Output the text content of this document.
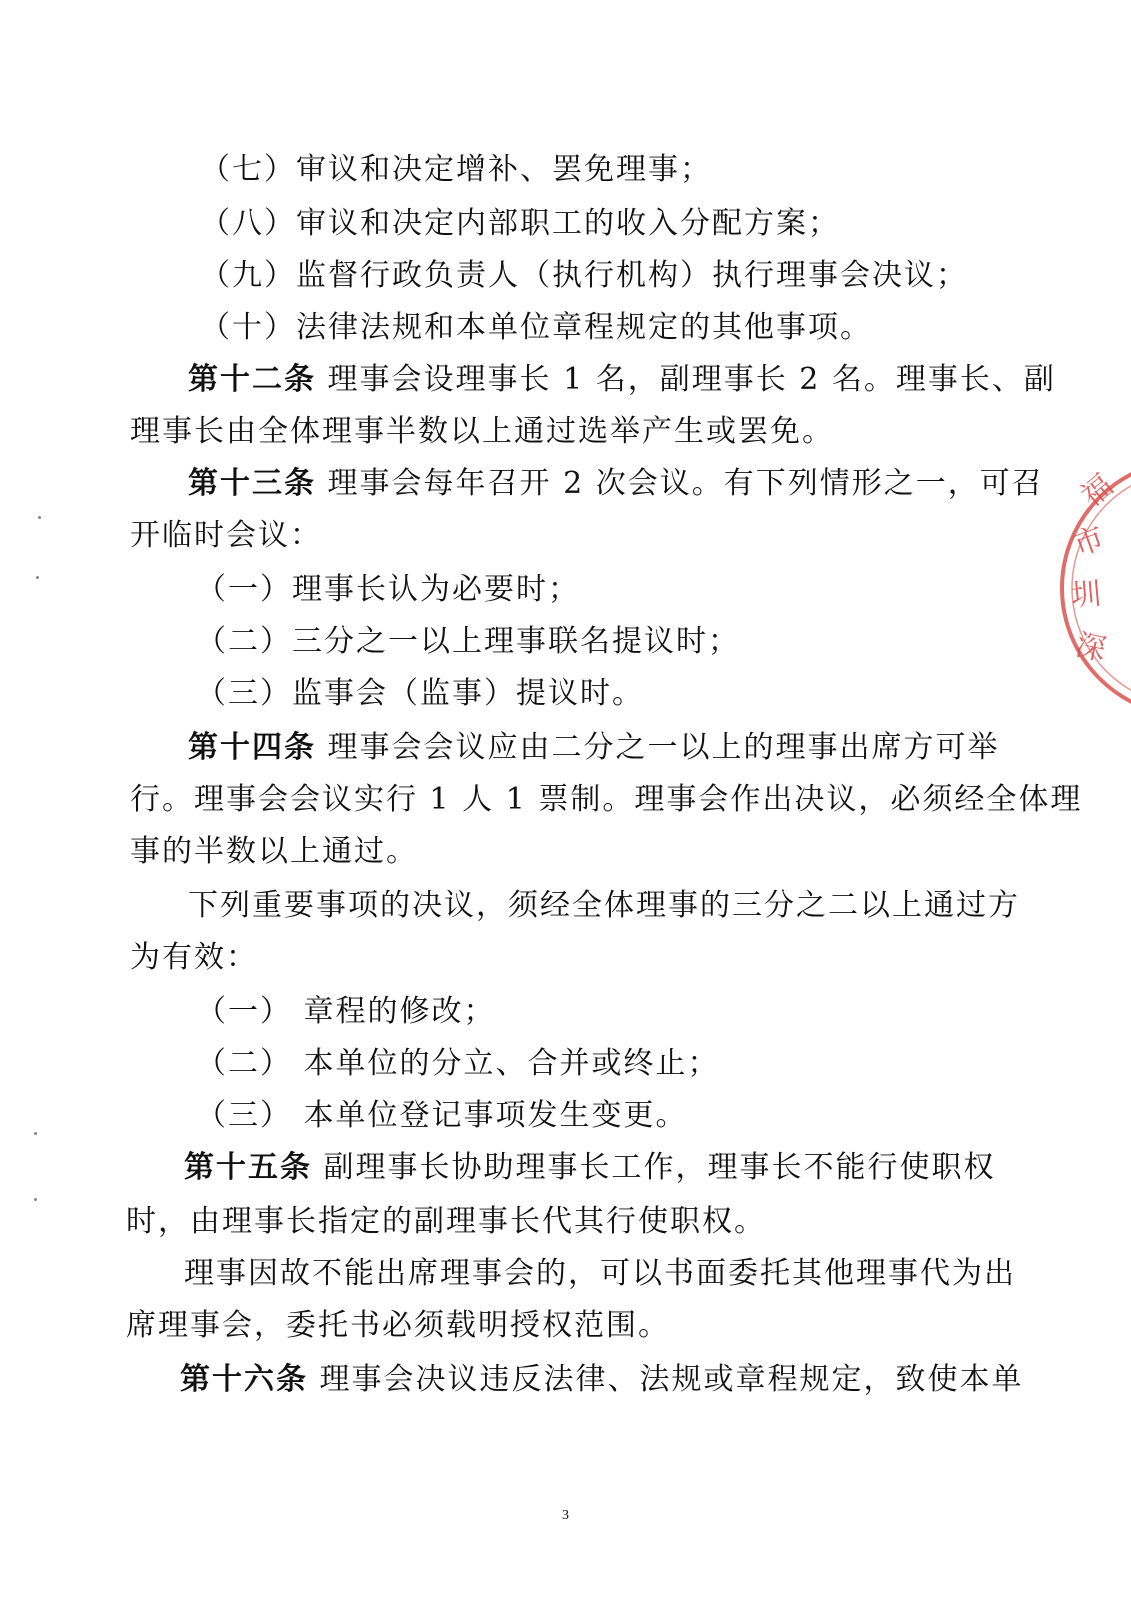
（七）审议和决定增补、罢免理事；
（八）审议和决定内部职工的收入分配方案；
（九）监督行政负责人（执行机构）执行理事会决议；
（十）法律法规和本单位章程规定的其他事项。
第十二条 理事会设理事长 1 名，副理事长 2 名。理事长、副
理事长由全体理事半数以上通过选举产生或罢免。
第十三条 理事会每年召开 2 次会议。有下列情形之一，可召
开临时会议：
（一）理事长认为必要时；
（二）三分之一以上理事联名提议时；
（三）监事会（监事）提议时。
第十四条 理事会会议应由二分之一以上的理事出席方可举
行。理事会会议实行 1 人 1 票制。理事会作出决议，必须经全体理
事的半数以上通过。
下列重要事项的决议，须经全体理事的三分之二以上通过方
为有效：
（一） 章程的修改；
（二） 本单位的分立、合并或终止；
（三） 本单位登记事项发生变更。
第十五条 副理事长协助理事长工作，理事长不能行使职权
时，由理事长指定的副理事长代其行使职权。
理事因故不能出席理事会的，可以书面委托其他理事代为出
席理事会，委托书必须载明授权范围。
第十六条 理事会决议违反法律、法规或章程规定，致使本单
3
福
市
圳
深
